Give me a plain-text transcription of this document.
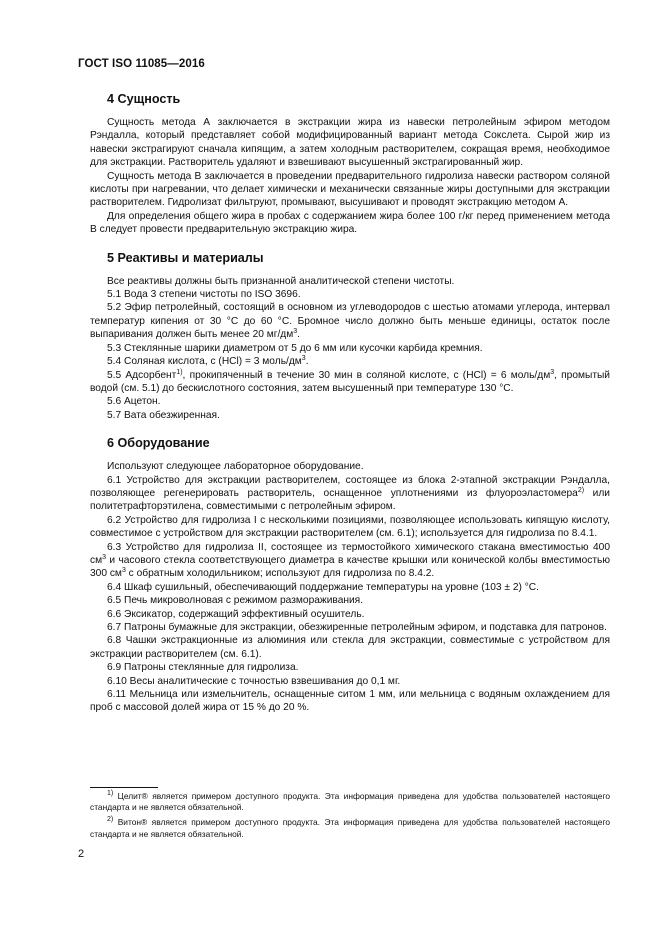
ГОСТ ISO 11085—2016
4 Сущность

Сущность метода А заключается в экстракции жира из навески петролейным эфиром методом Рэндалла, который представляет собой модифицированный вариант метода Сокслета. Сырой жир из навески экстрагируют сначала кипящим, а затем холодным растворителем, сокращая время, необходимое для экстракции. Растворитель удаляют и взвешивают высушенный экстрагированный жир.

Сущность метода В заключается в проведении предварительного гидролиза навески раствором соляной кислоты при нагревании, что делает химически и механически связанные жиры доступными для экстракции растворителем. Гидролизат фильтруют, промывают, высушивают и проводят экстракцию методом А.

Для определения общего жира в пробах с содержанием жира более 100 г/кг перед применением метода В следует провести предварительную экстракцию жира.

5 Реактивы и материалы

Все реактивы должны быть признанной аналитической степени чистоты.

5.1 Вода 3 степени чистоты по ISO 3696.

5.2 Эфир петролейный, состоящий в основном из углеводородов с шестью атомами углерода, интервал температур кипения от 30 °С до 60 °С. Бромное число должно быть меньше единицы, остаток после выпаривания должен быть менее 20 $мг/дм^3$.

5.3 Стеклянные шарики диаметром от 5 до 6 мм или кусочки карбида кремния.

5.4 Соляная кислота, с (HCl) = 3 моль/$дм^3$.

5.5 Адсорбент$^{1)}$, прокипяченный в течение 30 мин в соляной кислоте, с (HCl) = 6 моль/$дм^3$, промытый водой (см. 5.1) до бескислотного состояния, затем высушенный при температуре 130 °С.

5.6 Ацетон.

5.7 Вата обезжиренная.

6 Оборудование

Используют следующее лабораторное оборудование.

6.1 Устройство для экстракции растворителем, состоящее из блока 2-этапной экстракции Рэндалла, позволяющее регенерировать растворитель, оснащенное уплотнениями из флуороэластомера$^{2)}$ или политетрафторэтилена, совместимыми с петролейным эфиром.

6.2 Устройство для гидролиза I с несколькими позициями, позволяющее использовать кипящую кислоту, совместимое с устройством для экстракции растворителем (см. 6.1); используется для гидролиза по 8.4.1.

6.3 Устройство для гидролиза II, состоящее из термостойкого химического стакана вместимостью 400 $см^3$ и часового стекла соответствующего диаметра в качестве крышки или конической колбы вместимостью 300 $см^3$ с обратным холодильником; используют для гидролиза по 8.4.2.

6.4 Шкаф сушильный, обеспечивающий поддержание температуры на уровне (103 ± 2) °С.

6.5 Печь микроволновая с режимом размораживания.

6.6 Эксикатор, содержащий эффективный осушитель.

6.7 Патроны бумажные для экстракции, обезжиренные петролейным эфиром, и подставка для патронов.

6.8 Чашки экстракционные из алюминия или стекла для экстракции, совместимые с устройством для экстракции растворителем (см. 6.1).

6.9 Патроны стеклянные для гидролиза.

6.10 Весы аналитические с точностью взвешивания до 0,1 мг.

6.11 Мельница или измельчитель, оснащенные ситом 1 мм, или мельница с водяным охлаждением для проб с массовой долей жира от 15 % до 20 %.

$^{1)}$ Целит® является примером доступного продукта. Эта информация приведена для удобства пользователей настоящего стандарта и не является обязательной.

$^{2)}$ Витон® является примером доступного продукта. Эта информация приведена для удобства пользователей настоящего стандарта и не является обязательной.

2
